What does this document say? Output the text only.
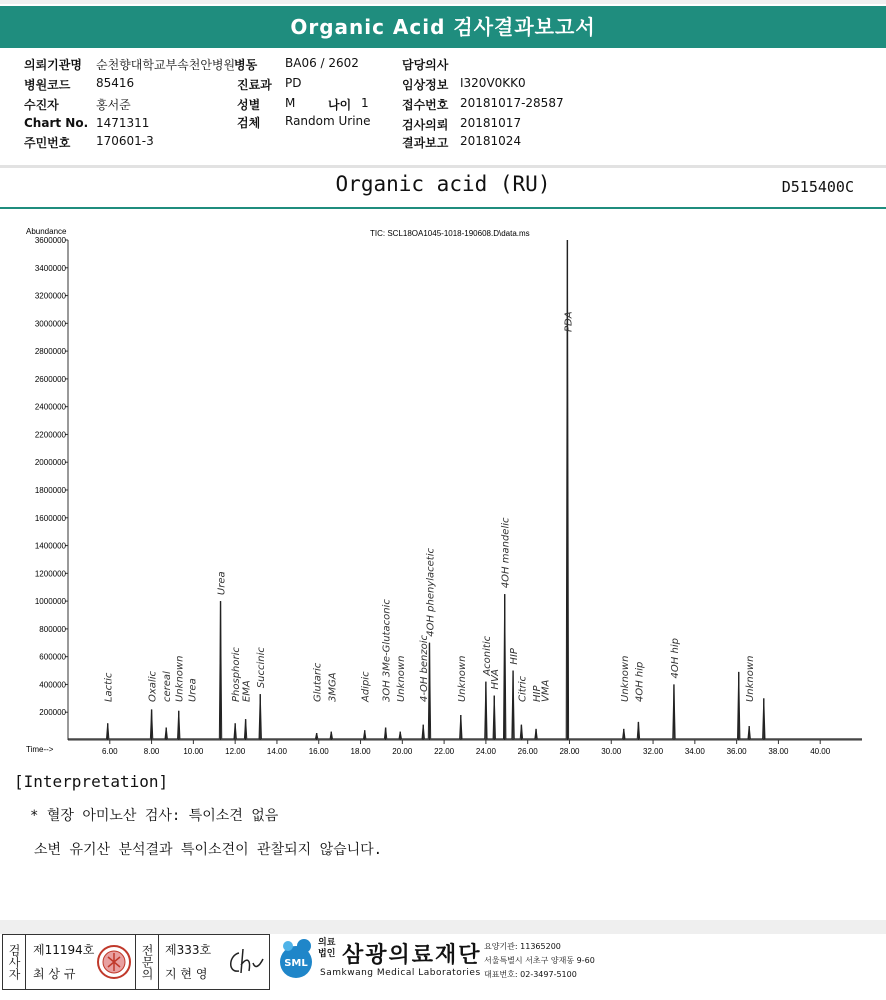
Organic Acid 검사결과보고서
의뢰기관명 순천향대학교부속천안병원
병동 BA06 / 2602	담당의사
병원코드 85416	진료과 PD	임상정보 I320V0KK0
수진자	홍서준	성별 M	나이 1	접수번호 20181017-28587
Chart No. 1471311	검체 Random Urine	검사의뢰 20181017
주민번호 170601-3	결과보고 20181024
Organic acid (RU)	D515400C
Abundance	TIC: SCL18OA1045-1018-190608.D\data.ms
Time-->
200000
400000
600000
800000
1000000
1200000
1400000
1600000
1800000
2000000
2200000
2400000
2600000
2800000
3000000
3200000
3400000
3600000
6.00	8.00	10.00	12.00	14.00	16.00	18.00	20.00	22.00	24.00	26.00	28.00	30.00	32.00	34.00	36.00	38.00	40.00
Lactic	Oxalic cereal Unknown Urea
Urea
Phosphoric EMA
Succinic	Glutaric 3MGA Adipic 3OH 3Me-Glutaconic Unknown 4-OH benzoic
4OH phenylacetic
Unknown Aconitic
HVA
4OH mandelic
HIP
Citric HIP
VMA
PDA
Unknown 4OH hip
4OH hip	Unknown
[Interpretation]
* 혈장 아미노산 검사: 특이소견 없음
소변 유기산 분석결과 특이소견이 관찰되지 않습니다.
검사자	제11194호
최 상 규	전문의 제333호
지 현 영
SML
의료법인 삼광의료재단
Samkwang Medical Laboratories
요양기관: 11365200
서울특별시 서초구 양재동 9-60
대표번호: 02-3497-5100
